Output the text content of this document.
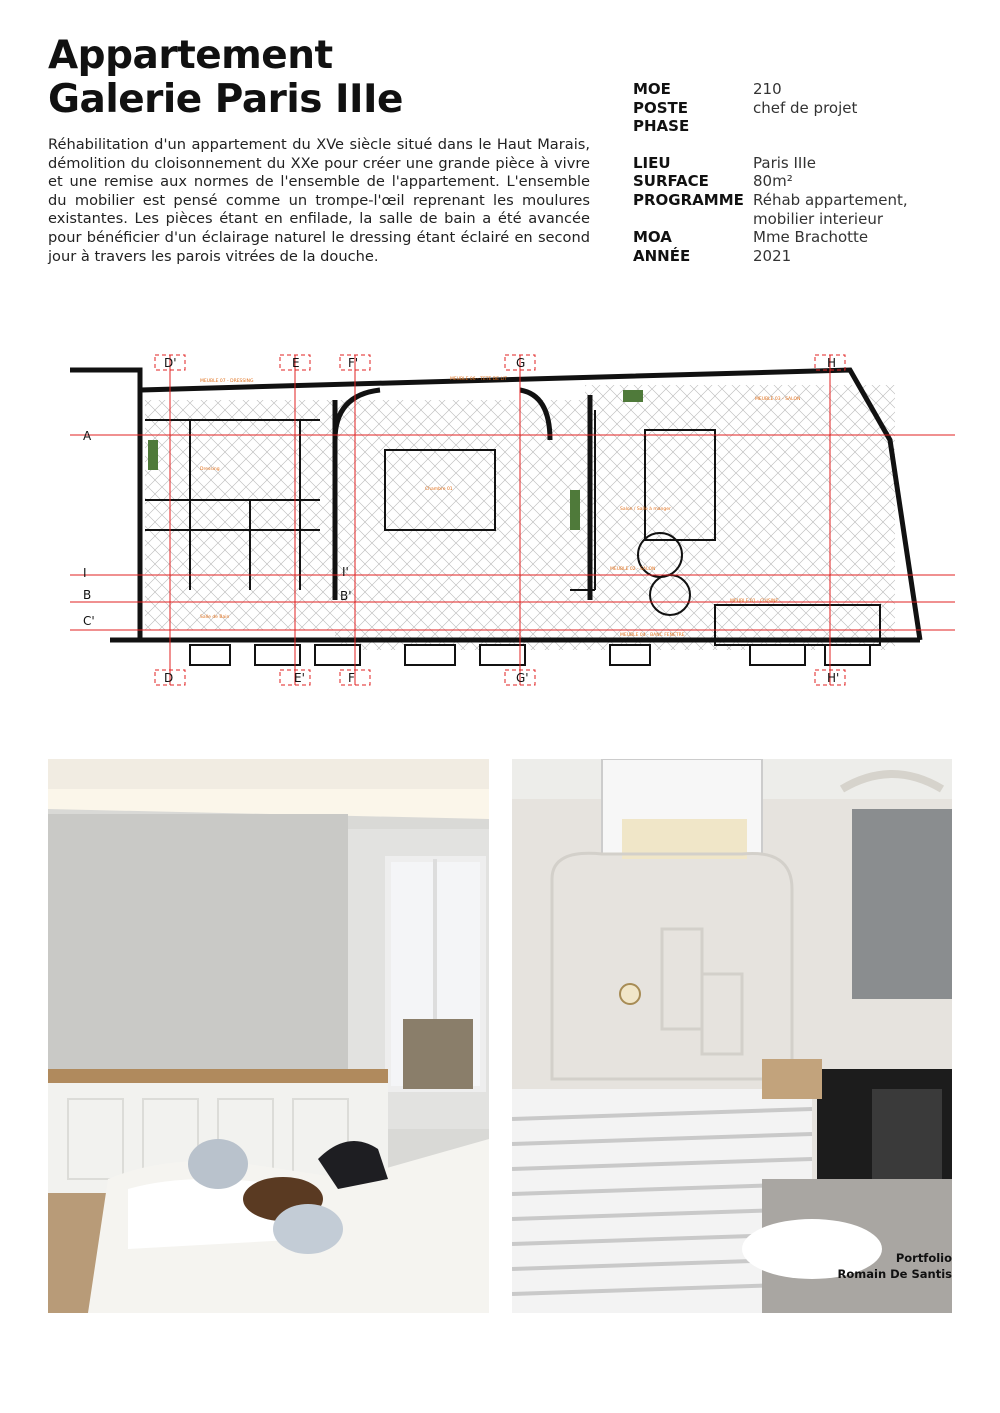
Appartement
Galerie Paris IIIe
Réhabilitation d'un appartement du XVe siècle situé dans le Haut Marais, démolition du cloisonnement du XXe pour créer une grande pièce à vivre et une remise aux normes de l'ensemble de l'appartement. L'ensemble du mobilier est pensé comme un trompe-l'œil reprenant les moulures existantes. Les pièces étant en enfilade, la salle de bain a été avancée pour bénéficier d'un éclairage naturel le dressing étant éclairé en second jour à travers les parois vitrées de la douche.
MOE	210
POSTE	chef de projet
PHASE
LIEU	Paris IIIe
SURFACE	80m²
PROGRAMME Réhab appartement, mobilier interieur
MOA	Mme Brachotte
ANNÉE	2021
D'	E	F'	G	H
D	E'	F	G'	H'
A
I
B
C'
I'
B'
MEUBLE 07 - DRESSING	MEUBLE 06 - TETE DE LIT
MEUBLE 03 - SALON
Chambre 01
Salon / Salle à manger
MEUBLE 02 - SALON
MEUBLE 04 - BANC FENETRE
MEUBLE 01 - CUISINE
Salle de Bain
Dressing
Portfolio
Romain De Santis
